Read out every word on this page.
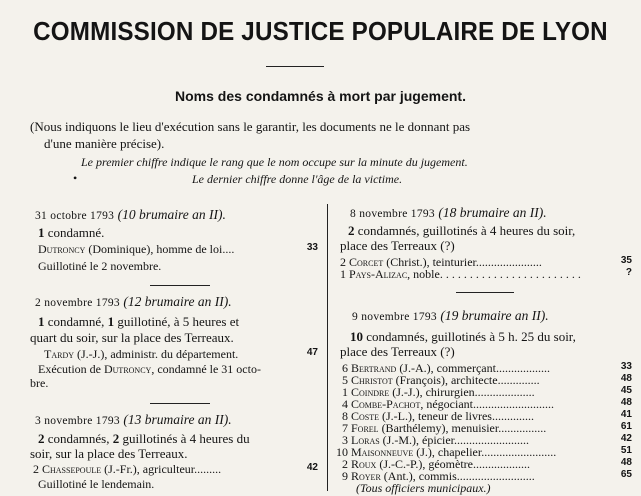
COMMISSION DE JUSTICE POPULAIRE DE LYON
Noms des condamnés à mort par jugement.
(Nous indiquons le lieu d'exécution sans le garantir, les documents ne le donnant pas
d'une manière précise).
Le premier chiffre indique le rang que le nom occupe sur la minute du jugement.
•	Le dernier chiffre donne l'âge de la victime.
31 octobre 1793 (10 brumaire an II).
1 condamné.
Dutroncy (Dominique), homme de loi....	33
Guillotiné le 2 novembre.
2 novembre 1793 (12 brumaire an II).
1 condamné, 1 guillotiné, à 5 heures et
quart du soir, sur la place des Terreaux.
Tardy (J.-J.), administr. du département.	47
Exécution de Dutroncy, condamné le 31 octo-
bre.
3 novembre 1793 (13 brumaire an II).
2 condamnés, 2 guillotinés à 4 heures du
soir, sur la place des Terreaux.
2 Chassepoule (J.-Fr.), agriculteur.........	42
Guillotiné le lendemain.
8 novembre 1793 (18 brumaire an II).
2 condamnés, guillotinés à 4 heures du soir,
place des Terreaux (?)
2 Corcet (Christ.), teinturier......................	35
1 Pays-Alizac, noble. . . . . . . . . . . . . . . . . . . . . . . .	?
9 novembre 1793 (19 brumaire an II).
10 condamnés, guillotinés à 5 h. 25 du soir,
place des Terreaux (?)
6 Bertrand (J.-A.), commerçant..................	33
5 Christot (François), architecte..............	48
1 Coindre (J.-J.), chirurgien....................	45
4 Combe-Pachot, négociant...........................	48
8 Coste (J.-L.), teneur de livres..............	41
7 Forel (Barthélemy), menuisier................	61
3 Loras (J.-M.), épicier.........................	42
10 Maisonneuve (J.), chapelier.........................	51
2 Roux (J.-C.-P.), géomètre...................	48
9 Royer (Ant.), commis..........................	65
(Tous officiers municipaux.)
